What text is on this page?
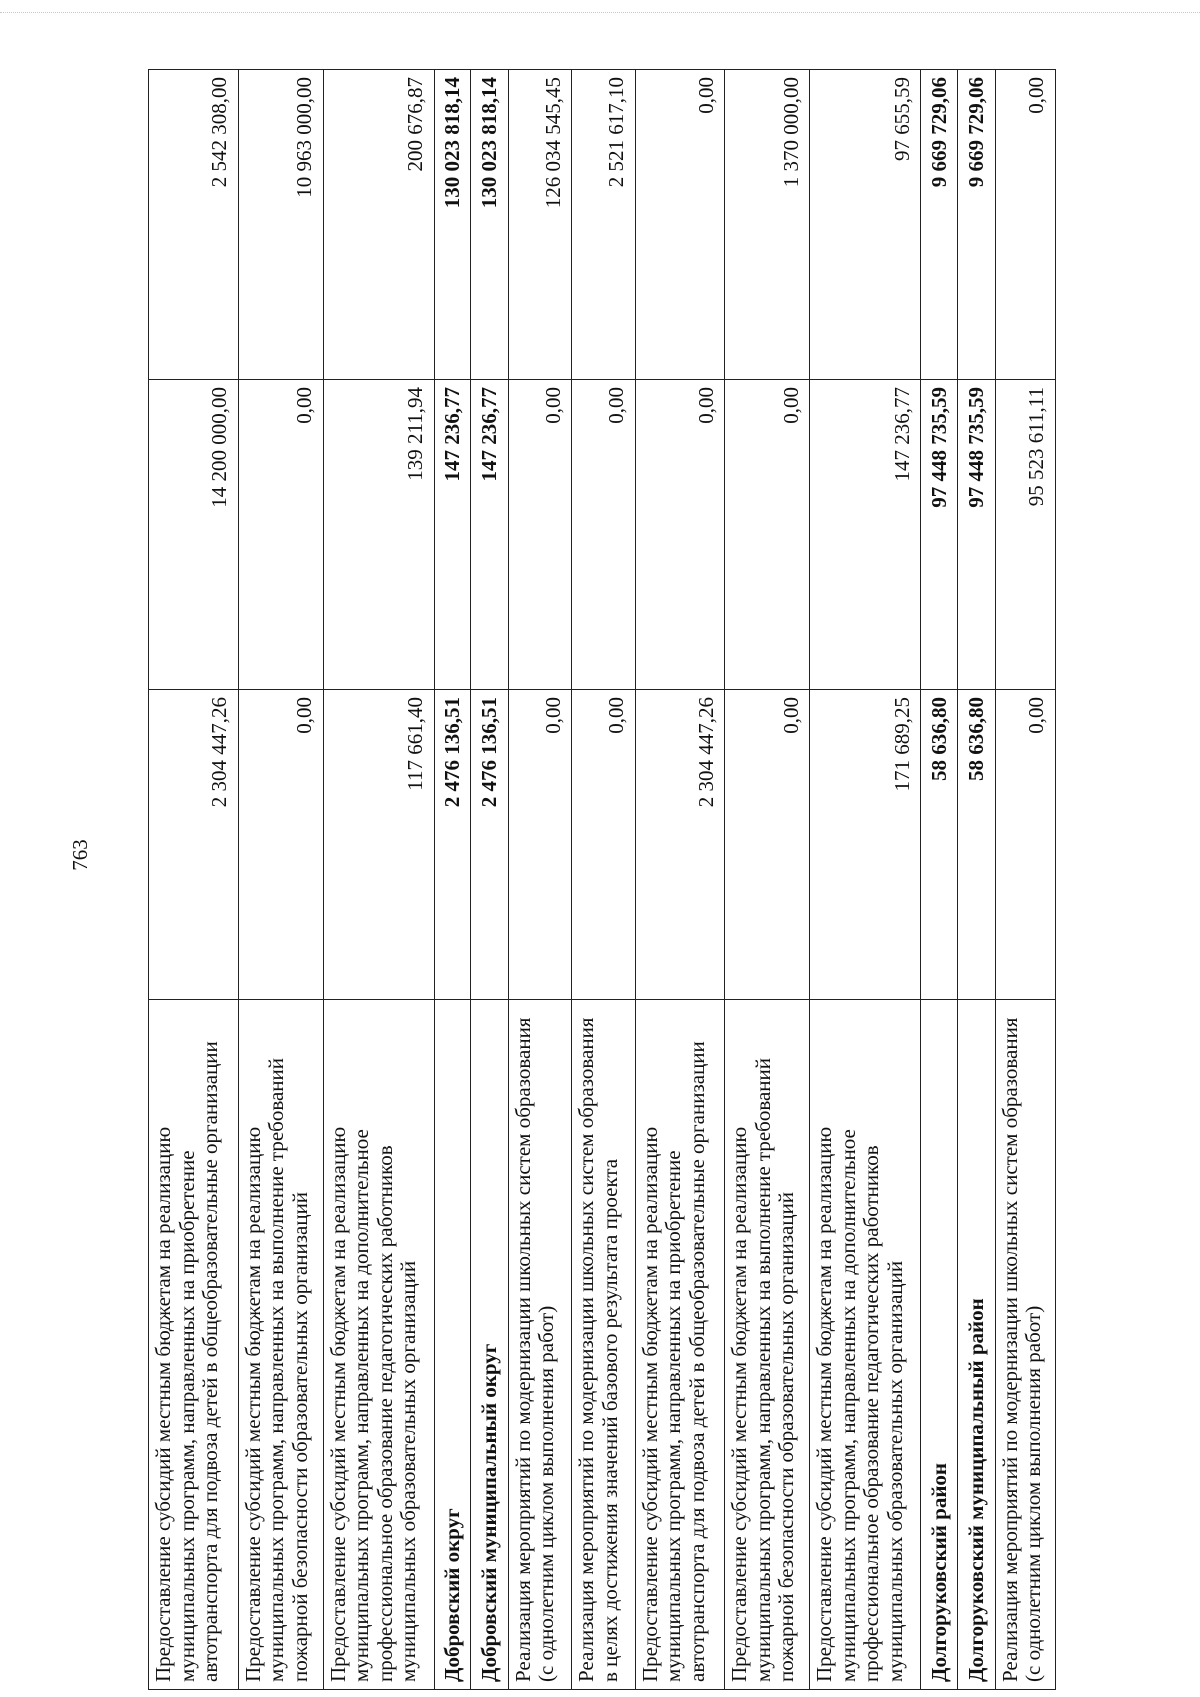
763
Предоставление субсидий местным бюджетам на реализацию муниципальных программ, направленных на приобретение автотранспорта для подвоза детей в общеобразовательные организации	2 304 447,26	14 200 000,00	2 542 308,00
Предоставление субсидий местным бюджетам на реализацию муниципальных программ, направленных на выполнение требований пожарной безопасности образовательных организаций	0,00	0,00	10 963 000,00
Предоставление субсидий местным бюджетам на реализацию муниципальных программ, направленных на дополнительное профессиональное образование педагогических работников муниципальных образовательных организаций	117 661,40	139 211,94	200 676,87
Добровский округ	2 476 136,51	147 236,77	130 023 818,14
Добровский муниципальный округ	2 476 136,51	147 236,77	130 023 818,14
Реализация мероприятий по модернизации школьных систем образования (с однолетним циклом выполнения работ)	0,00	0,00	126 034 545,45
Реализация мероприятий по модернизации школьных систем образования в целях достижения значений базового результата проекта	0,00	0,00	2 521 617,10
Предоставление субсидий местным бюджетам на реализацию муниципальных программ, направленных на приобретение автотранспорта для подвоза детей в общеобразовательные организации	2 304 447,26	0,00	0,00
Предоставление субсидий местным бюджетам на реализацию муниципальных программ, направленных на выполнение требований пожарной безопасности образовательных организаций	0,00	0,00	1 370 000,00
Предоставление субсидий местным бюджетам на реализацию муниципальных программ, направленных на дополнительное профессиональное образование педагогических работников муниципальных образовательных организаций	171 689,25	147 236,77	97 655,59
Долгоруковский район	58 636,80	97 448 735,59	9 669 729,06
Долгоруковский муниципальный район	58 636,80	97 448 735,59	9 669 729,06
Реализация мероприятий по модернизации школьных систем образования (с однолетним циклом выполнения работ)	0,00	95 523 611,11	0,00
